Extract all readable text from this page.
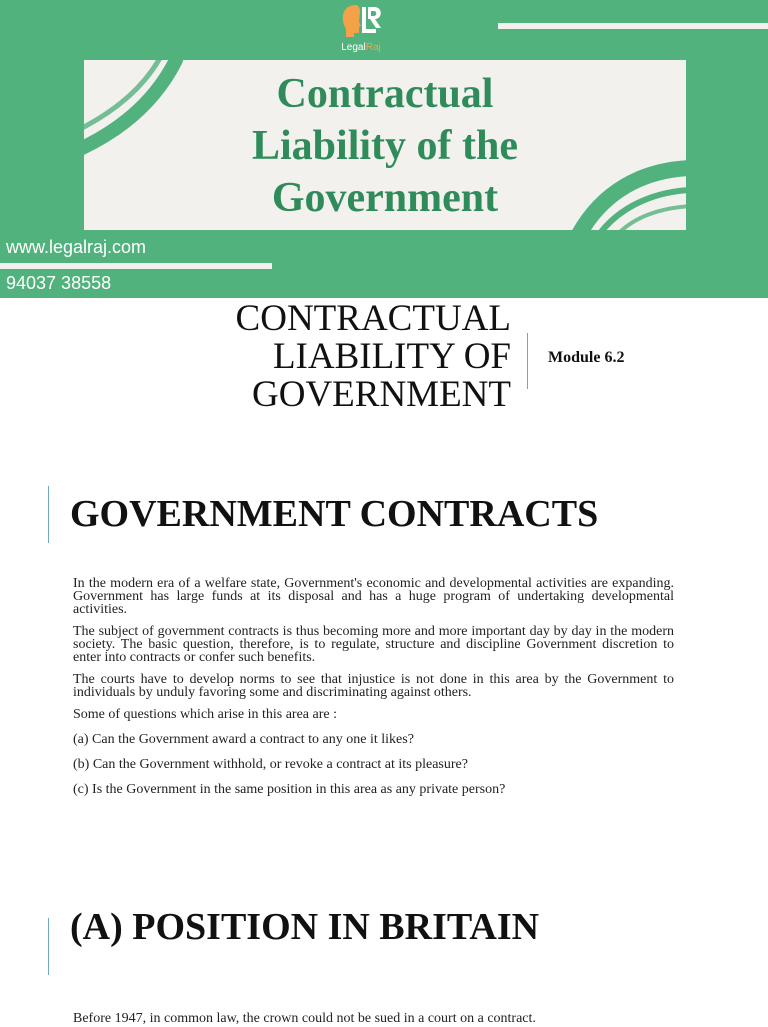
LegalRaj
Contractual
Liability of the
Government
www.legalraj.com
94037 38558
CONTRACTUAL
LIABILITY OF
GOVERNMENT
Module 6.2
GOVERNMENT CONTRACTS

In the modern era of a welfare state, Government's economic and developmental activities are expanding. Government has large funds at its disposal and has a huge program of undertaking developmental activities.

The subject of government contracts is thus becoming more and more important day by day in the modern society. The basic question, therefore, is to regulate, structure and discipline Government discretion to enter into contracts or confer such benefits.

The courts have to develop norms to see that injustice is not done in this area by the Government to individuals by unduly favoring some and discriminating against others.

Some of questions which arise in this area are :

(a) Can the Government award a contract to any one it likes?

(b) Can the Government withhold, or revoke a contract at its pleasure?

(c) Is the Government in the same position in this area as any private person?

(A) POSITION IN BRITAIN
Before 1947, in common law, the crown could not be sued in a court on a contract.
